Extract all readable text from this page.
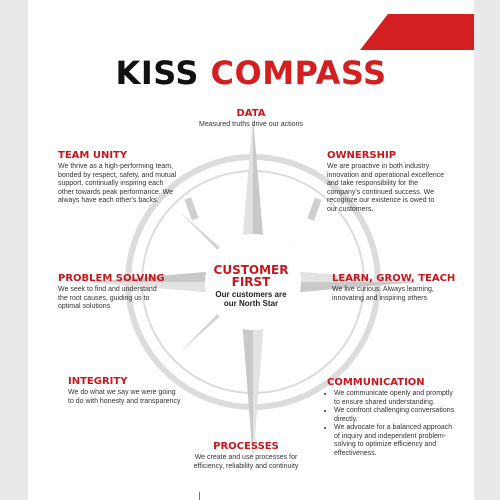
KISS COMPASS
DATA

Measured truths drive our actions

TEAM UNITY

We thrive as a high-performing team,
bonded by respect, safety, and mutual
support, continually inspiring each
other towards peak performance. We
always have each other's backs.

OWNERSHIP

We are proactive in both industry
innovation and operational excellence
and take responsibility for the
company's continued success. We
recognize our existence is owed to
our customers.

PROBLEM SOLVING

We seek to find and understand
the root causes, guiding us to
optimal solutions

CUSTOMER
FIRST

Our customers are
our North Star

LEARN, GROW, TEACH

We live curious. Always learning,
innovating and inspiring others

INTEGRITY

We do what we say we were going
to do with honesty and transparency

COMMUNICATION
• We communicate openly and promptly
to ensure shared understanding.
• We confront challenging conversations
directly.
• We advocate for a balanced approach
of inquiry and independent problem-
solving to optimize efficiency and
effectiveness.
PROCESSES

We create and use processes for
efficiency, reliability and continuity
